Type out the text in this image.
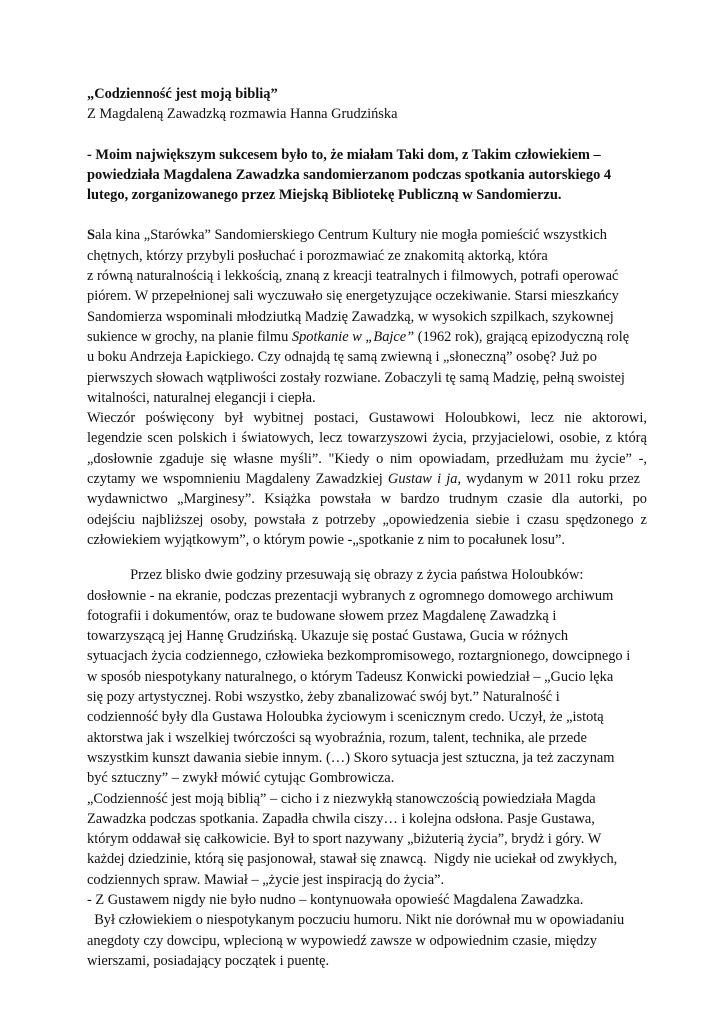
„Codzienność jest moją biblią”
Z Magdaleną Zawadzką rozmawia Hanna Grudzińska
- Moim największym sukcesem było to, że miałam Taki dom, z Takim człowiekiem –
powiedziała Magdalena Zawadzka sandomierzanom podczas spotkania autorskiego 4
lutego, zorganizowanego przez Miejską Bibliotekę Publiczną w Sandomierzu.
Sala kina „Starówka” Sandomierskiego Centrum Kultury nie mogła pomieścić wszystkich
chętnych, którzy przybyli posłuchać i porozmawiać ze znakomitą aktorką, która
z równą naturalnością i lekkością, znaną z kreacji teatralnych i filmowych, potrafi operować
piórem. W przepełnionej sali wyczuwało się energetyzujące oczekiwanie. Starsi mieszkańcy
Sandomierza wspominali młodziutką Madzię Zawadzką, w wysokich szpilkach, szykownej
sukience w grochy, na planie filmu Spotkanie w „Bajce” (1962 rok), grającą epizodyczną rolę
u boku Andrzeja Łapickiego. Czy odnajdą tę samą zwiewną i „słoneczną” osobę? Już po
pierwszych słowach wątpliwości zostały rozwiane. Zobaczyli tę samą Madzię, pełną swoistej
witalności, naturalnej elegancji i ciepła.
Wieczór poświęcony był wybitnej postaci, Gustawowi Holoubkowi, lecz nie aktorowi,
legendzie scen polskich i światowych, lecz towarzyszowi życia, przyjacielowi, osobie, z którą
„dosłownie zgaduje się własne myśli”. "Kiedy o nim opowiadam, przedłużam mu życie” -,
czytamy we wspomnieniu Magdaleny Zawadzkiej Gustaw i ja, wydanym w 2011 roku przez
wydawnictwo „Marginesy”. Książka powstała w bardzo trudnym czasie dla autorki, po
odejściu najbliższej osoby, powstała z potrzeby „opowiedzenia siebie i czasu spędzonego z
człowiekiem wyjątkowym”, o którym powie -„spotkanie z nim to pocałunek losu”.
Przez blisko dwie godziny przesuwają się obrazy z życia państwa Holoubków:
dosłownie - na ekranie, podczas prezentacji wybranych z ogromnego domowego archiwum
fotografii i dokumentów, oraz te budowane słowem przez Magdalenę Zawadzką i
towarzyszącą jej Hannę Grudzińską. Ukazuje się postać Gustawa, Gucia w różnych
sytuacjach życia codziennego, człowieka bezkompromisowego, roztargnionego, dowcipnego i
w sposób niespotykany naturalnego, o którym Tadeusz Konwicki powiedział – „Gucio lęka
się pozy artystycznej. Robi wszystko, żeby zbanalizować swój byt.” Naturalność i
codzienność były dla Gustawa Holoubka życiowym i scenicznym credo. Uczył, że „istotą
aktorstwa jak i wszelkiej twórczości są wyobraźnia, rozum, talent, technika, ale przede
wszystkim kunszt dawania siebie innym. (…) Skoro sytuacja jest sztuczna, ja też zaczynam
być sztuczny” – zwykł mówić cytując Gombrowicza.
„Codzienność jest moją biblią” – cicho i z niezwykłą stanowczością powiedziała Magda
Zawadzka podczas spotkania. Zapadła chwila ciszy… i kolejna odsłona. Pasje Gustawa,
którym oddawał się całkowicie. Był to sport nazywany „biżuterią życia”, brydż i góry. W
każdej dziedzinie, którą się pasjonował, stawał się znawcą.  Nigdy nie uciekał od zwykłych,
codziennych spraw. Mawiał – „życie jest inspiracją do życia”.
- Z Gustawem nigdy nie było nudno – kontynuowała opowieść Magdalena Zawadzka.
Był człowiekiem o niespotykanym poczuciu humoru. Nikt nie dorównał mu w opowiadaniu
anegdoty czy dowcipu, wplecioną w wypowiedź zawsze w odpowiednim czasie, między
wierszami, posiadający początek i puentę.
